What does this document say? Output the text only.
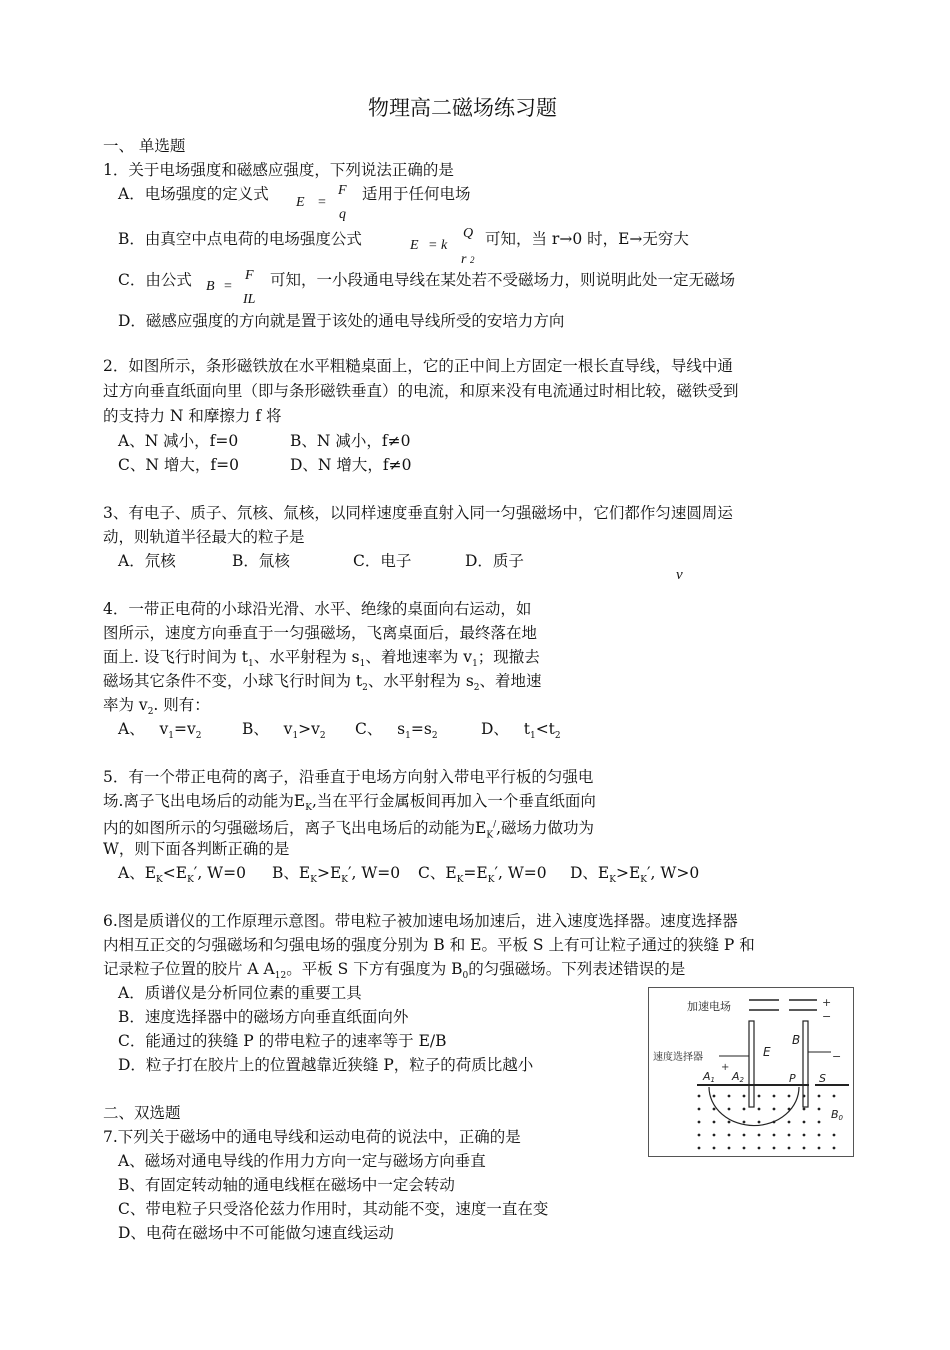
物理高二磁场练习题
一、 单选题
1．关于电场强度和磁感应强度，下列说法正确的是
A．电场强度的定义式 E =
F
q
适用于任何电场
B．由真空中点电荷的电场强度公式	E = k
Q
r 2
可知，当 r→0 时，E→无穷大
C．由公式 B =
F
IL
可知，一小段通电导线在某处若不受磁场力，则说明此处一定无磁场
D．磁感应强度的方向就是置于该处的通电导线所受的安培力方向
2．如图所示，条形磁铁放在水平粗糙桌面上，它的正中间上方固定一根长直导线，导线中通
过方向垂直纸面向里（即与条形磁铁垂直）的电流，和原来没有电流通过时相比较，磁铁受到
的支持力 N 和摩擦力 f 将
A、N 减小，f=0	B、N 减小，f≠0
C、N 增大，f=0	D、N 增大，f≠0
3、有电子、质子、氘核、氚核，以同样速度垂直射入同一匀强磁场中，它们都作匀速圆周运
动，则轨道半径最大的粒子是
A．氘核	B．氚核	C．电子	D．质子
v
4．一带正电荷的小球沿光滑、水平、绝缘的桌面向右运动，如
图所示，速度方向垂直于一匀强磁场，飞离桌面后，最终落在地
面上. 设飞行时间为 $t_1$、水平射程为 $s_1$、着地速率为 $v_1$；现撤去
磁场其它条件不变，小球飞行时间为 $t_2$、水平射程为 $s_2$、着地速
率为 $v_2$. 则有：
A、 $v_1=v_2$	B、 $v_1>v_2$ C、 $s_1=s_2$	D、 $t_1<t_2$
5．有一个带正电荷的离子，沿垂直于电场方向射入带电平行板的匀强电
场.离子飞出电场后的动能为$E_K$,当在平行金属板间再加入一个垂直纸面向
内的如图所示的匀强磁场后，离子飞出电场后的动能为$E_K^/$,磁场力做功为
W，则下面各判断正确的是
A、$E_K<E_K'$, W=0 B、$E_K>E_K'$, W=0 C、$E_K=E_K'$, W=0 D、$E_K>E_K'$, W>0
6.图是质谱仪的工作原理示意图。带电粒子被加速电场加速后，进入速度选择器。速度选择器
内相互正交的匀强磁场和匀强电场的强度分别为 B 和 E。平板 S 上有可让粒子通过的狭缝 P 和
记录粒子位置的胶片 A $A_{12}$。平板 S 下方有强度为 $B_0$的匀强磁场。下列表述错误的是
A．质谱仪是分析同位素的重要工具
B．速度选择器中的磁场方向垂直纸面向外
C．能通过的狭缝 P 的带电粒子的速率等于 E/B
D．粒子打在胶片上的位置越靠近狭缝 P，粒子的荷质比越小
加速电场	+
−
B
E
速度选择器	−
+
A1 A2	P S
B0
二、双选题
7.下列关于磁场中的通电导线和运动电荷的说法中，正确的是
A、磁场对通电导线的作用力方向一定与磁场方向垂直
B、有固定转动轴的通电线框在磁场中一定会转动
C、带电粒子只受洛伦兹力作用时，其动能不变，速度一直在变
D、电荷在磁场中不可能做匀速直线运动
